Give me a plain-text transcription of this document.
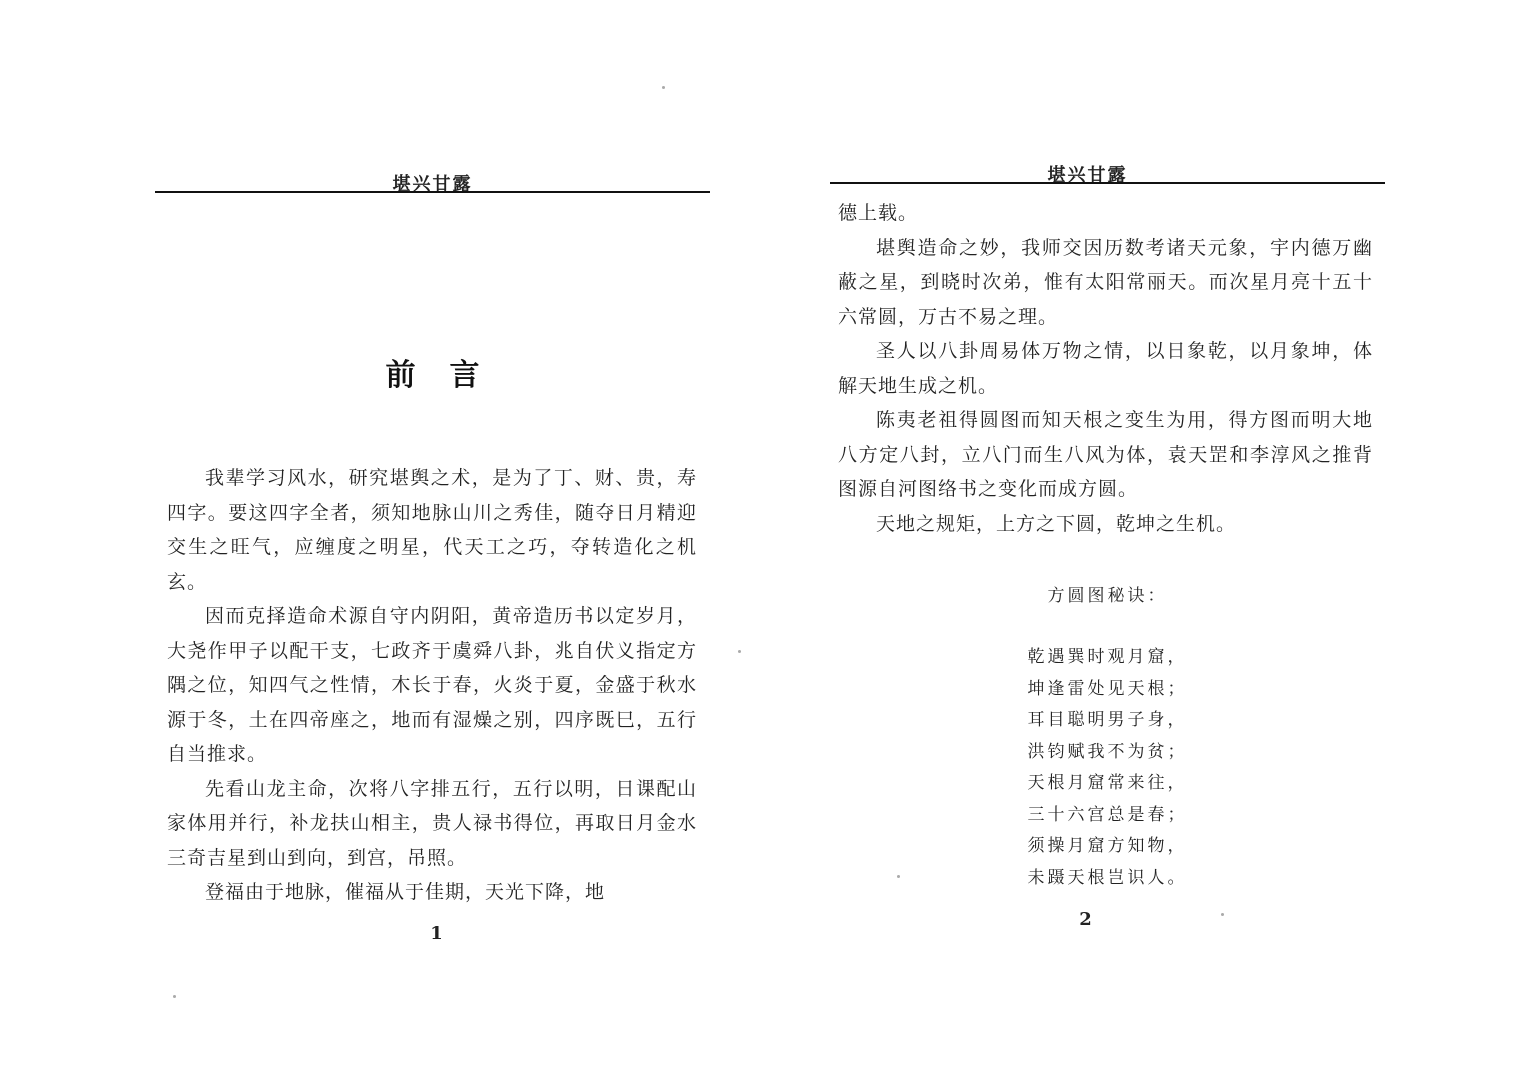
堪兴甘露
前言

我辈学习风水，研究堪舆之术，是为了丁、财、贵，寿四字。要这四字全者，须知地脉山川之秀佳，随夺日月精迎交生之旺气，应缠度之明星，代天工之巧，夺转造化之机玄。

因而克择造命术源自守内阴阳，黄帝造历书以定岁月，大尧作甲子以配干支，七政齐于虞舜八卦，兆自伏义指定方隅之位，知四气之性情，木长于春，火炎于夏，金盛于秋水源于冬，土在四帝座之，地而有湿燥之别，四序既巳，五行自当推求。

先看山龙主命，次将八字排五行，五行以明，日课配山家体用并行，补龙扶山相主，贵人禄书得位，再取日月金水三奇吉星到山到向，到宫，吊照。

登福由于地脉，催福从于佳期，天光下降，地

1
堪兴甘露

德上载。

堪舆造命之妙，我师交因历数考诸天元象，宇内德万幽蔽之星，到晓时次弟，惟有太阳常丽天。而次星月亮十五十六常圆，万古不易之理。

圣人以八卦周易体万物之情，以日象乾，以月象坤，体解天地生成之机。

陈夷老祖得圆图而知天根之变生为用，得方图而明大地八方定八封，立八门而生八风为体，袁天罡和李淳风之推背图源自河图络书之变化而成方圆。

天地之规矩，上方之下圆，乾坤之生机。

方圆图秘诀：
乾遇巽时观月窟，
坤逢雷处见天根；
耳目聪明男子身，
洪钧赋我不为贫；
天根月窟常来往，
三十六宫总是春；
须操月窟方知物，
未蹑天根岂识人。
2
